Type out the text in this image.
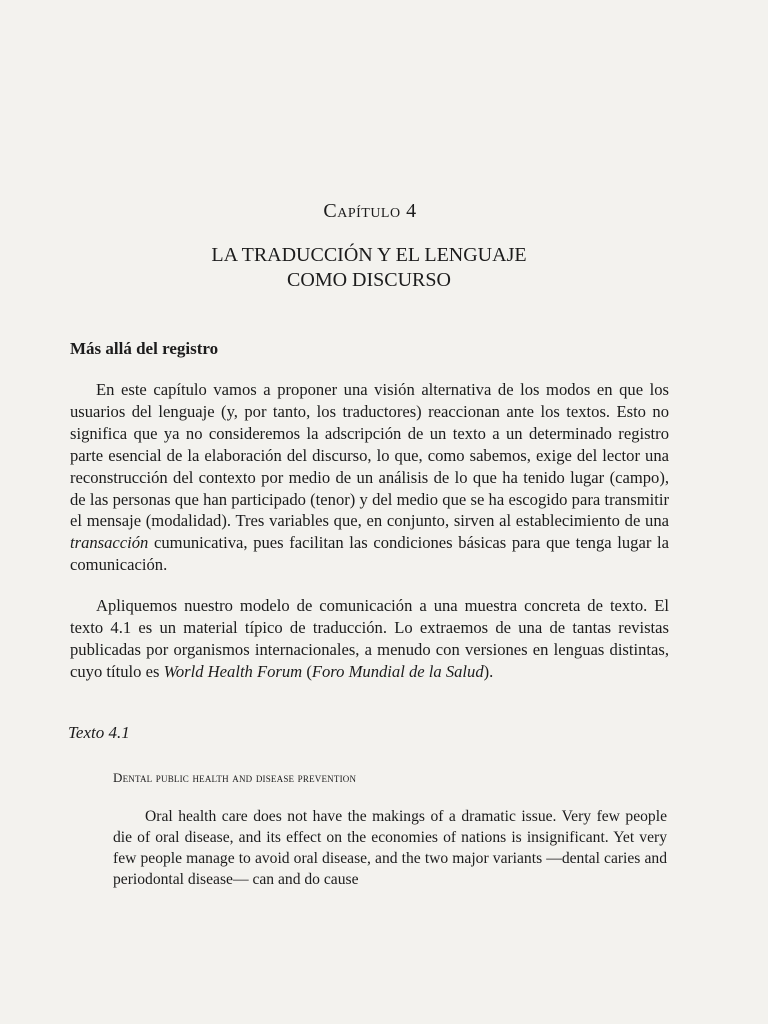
Capítulo 4
LA TRADUCCIÓN Y EL LENGUAJE
COMO DISCURSO
Más allá del registro

En este capítulo vamos a proponer una visión alternativa de los modos en que los usuarios del lenguaje (y, por tanto, los traductores) reaccionan ante los textos. Esto no significa que ya no consideremos la adscripción de un texto a un determinado registro parte esencial de la elaboración del discurso, lo que, como sabemos, exige del lector una reconstrucción del contexto por medio de un análisis de lo que ha tenido lugar (campo), de las personas que han participado (tenor) y del medio que se ha escogido para transmitir el mensaje (modalidad). Tres variables que, en conjunto, sirven al establecimiento de una transacción cumunicativa, pues facilitan las condiciones básicas para que tenga lugar la comunicación.

Apliquemos nuestro modelo de comunicación a una muestra concreta de texto. El texto 4.1 es un material típico de traducción. Lo extraemos de una de tantas revistas publicadas por organismos internacionales, a menudo con versiones en lenguas distintas, cuyo título es World Health Forum (Foro Mundial de la Salud).

Texto 4.1
Dental public health and disease prevention

Oral health care does not have the makings of a dramatic issue. Very few people die of oral disease, and its effect on the economies of nations is insignificant. Yet very few people manage to avoid oral disease, and the two major variants —dental caries and periodontal disease— can and do cause
